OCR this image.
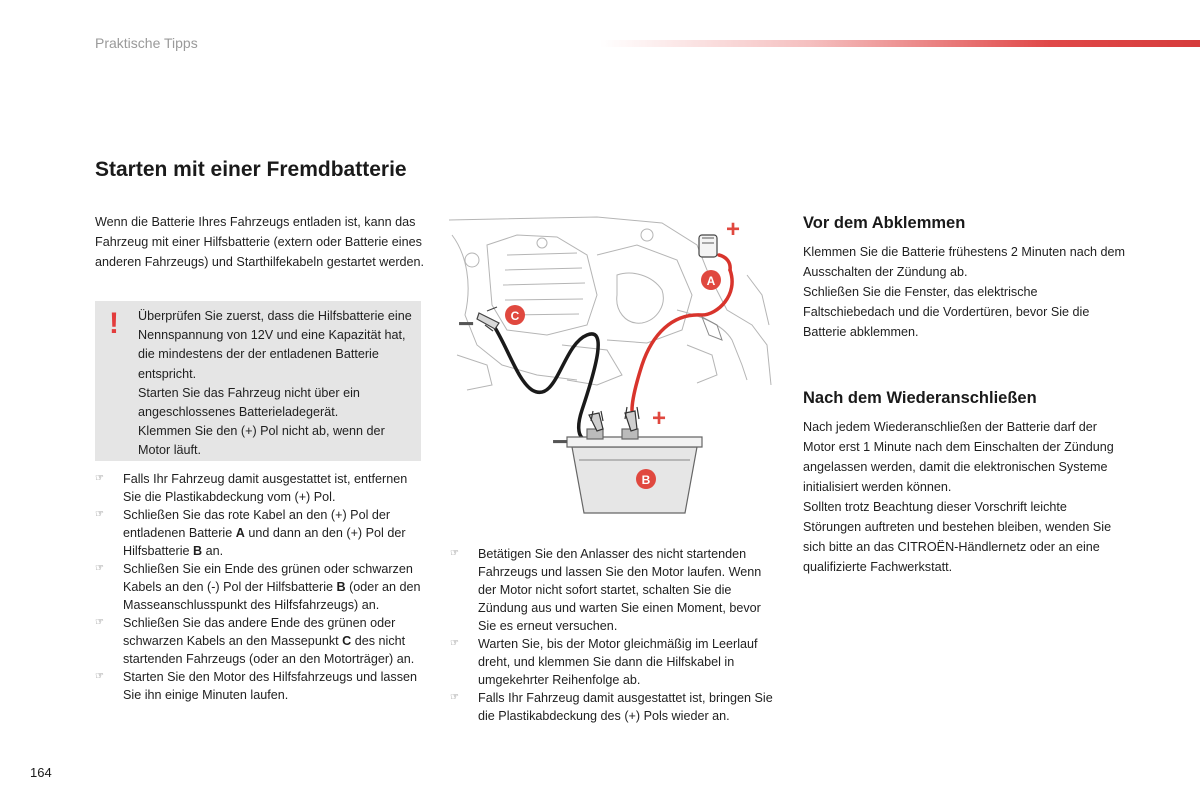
Praktische Tipps
Starten mit einer Fremdbatterie

Wenn die Batterie Ihres Fahrzeugs entladen ist, kann das Fahrzeug mit einer Hilfsbatterie (extern oder Batterie eines anderen Fahrzeugs) und Starthilfekabeln gestartet werden.

! Überprüfen Sie zuerst, dass die Hilfsbatterie eine Nennspannung von 12V und eine Kapazität hat, die mindestens der der entladenen Batterie entspricht.
Starten Sie das Fahrzeug nicht über ein angeschlossenes Batterieladegerät.
Klemmen Sie den (+) Pol nicht ab, wenn der Motor läuft.
☞ Falls Ihr Fahrzeug damit ausgestattet ist, entfernen Sie die Plastikabdeckung vom (+) Pol.
☞ Schließen Sie das rote Kabel an den (+) Pol der entladenen Batterie A und dann an den (+) Pol der Hilfsbatterie B an.
☞ Schließen Sie ein Ende des grünen oder schwarzen Kabels an den (-) Pol der Hilfsbatterie B (oder an den Masseanschlusspunkt des Hilfsfahrzeugs) an.
☞ Schließen Sie das andere Ende des grünen oder schwarzen Kabels an den Massepunkt C des nicht startenden Fahrzeugs (oder an den Motorträger) an.
☞ Starten Sie den Motor des Hilfsfahrzeugs und lassen Sie ihn einige Minuten laufen.
+
−
A
C
+
−
B
☞ Betätigen Sie den Anlasser des nicht startenden Fahrzeugs und lassen Sie den Motor laufen. Wenn der Motor nicht sofort startet, schalten Sie die Zündung aus und warten Sie einen Moment, bevor Sie es erneut versuchen.
☞ Warten Sie, bis der Motor gleichmäßig im Leerlauf dreht, und klemmen Sie dann die Hilfskabel in umgekehrter Reihenfolge ab.
☞ Falls Ihr Fahrzeug damit ausgestattet ist, bringen Sie die Plastikabdeckung des (+) Pols wieder an.
Vor dem Abklemmen
Klemmen Sie die Batterie frühestens 2 Minuten nach dem Ausschalten der Zündung ab.
Schließen Sie die Fenster, das elektrische Faltschiebedach und die Vordertüren, bevor Sie die Batterie abklemmen.
Nach dem Wiederanschließen
Nach jedem Wiederanschließen der Batterie darf der Motor erst 1 Minute nach dem Einschalten der Zündung angelassen werden, damit die elektronischen Systeme initialisiert werden können.
Sollten trotz Beachtung dieser Vorschrift leichte Störungen auftreten und bestehen bleiben, wenden Sie sich bitte an das CITROËN-Händlernetz oder an eine qualifizierte Fachwerkstatt.
164
